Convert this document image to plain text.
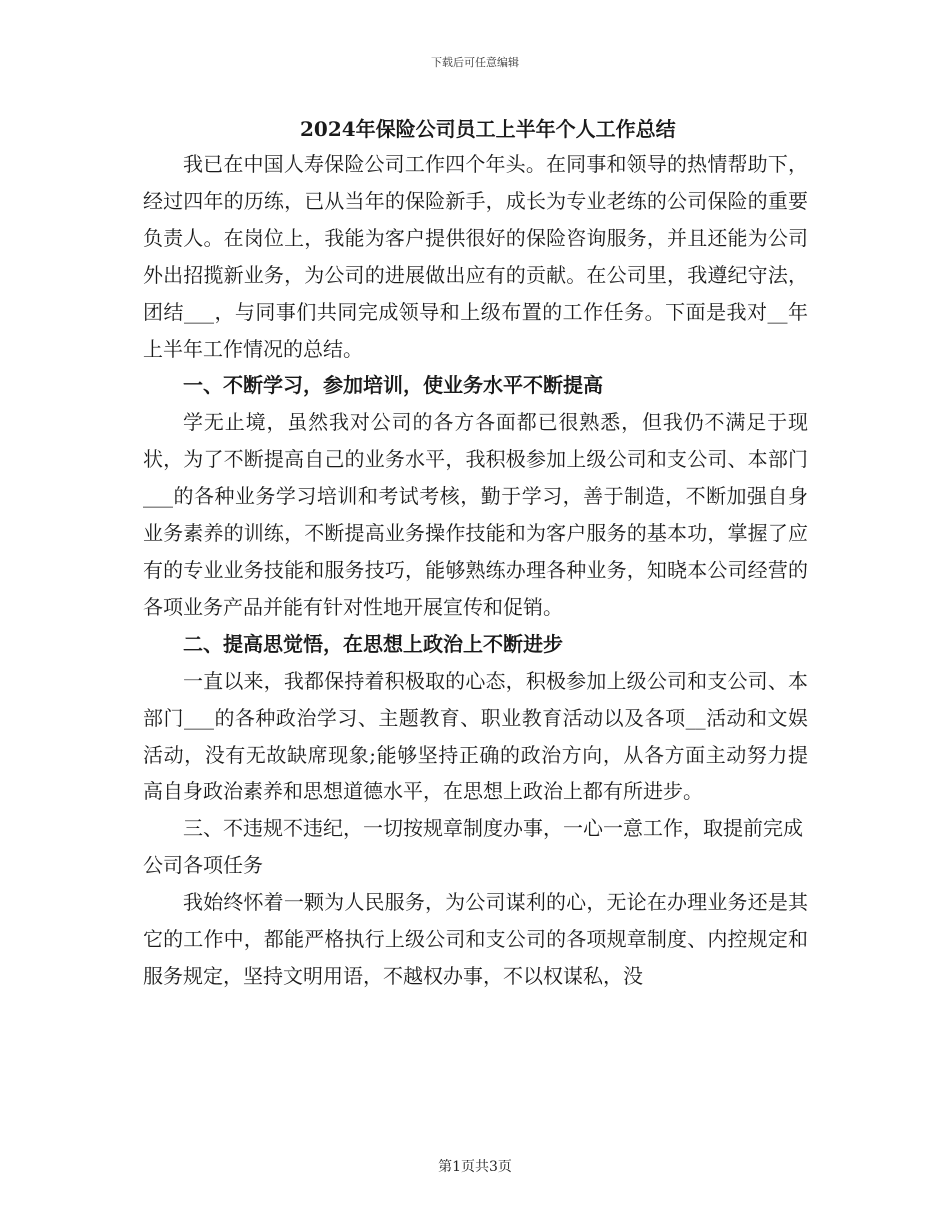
下载后可任意编辑

2024年保险公司员工上半年个人工作总结

我已在中国人寿保险公司工作四个年头。在同事和领导的热情帮助下，经过四年的历练，已从当年的保险新手，成长为专业老练的公司保险的重要负责人。在岗位上，我能为客户提供很好的保险咨询服务，并且还能为公司外出招揽新业务，为公司的进展做出应有的贡献。在公司里，我遵纪守法，团结___，与同事们共同完成领导和上级布置的工作任务。下面是我对__年上半年工作情况的总结。

一、不断学习，参加培训，使业务水平不断提高

学无止境，虽然我对公司的各方各面都已很熟悉，但我仍不满足于现状，为了不断提高自己的业务水平，我积极参加上级公司和支公司、本部门___的各种业务学习培训和考试考核，勤于学习，善于制造，不断加强自身业务素养的训练，不断提高业务操作技能和为客户服务的基本功，掌握了应有的专业业务技能和服务技巧，能够熟练办理各种业务，知晓本公司经营的各项业务产品并能有针对性地开展宣传和促销。

二、提高思觉悟，在思想上政治上不断进步

一直以来，我都保持着积极取的心态，积极参加上级公司和支公司、本部门___的各种政治学习、主题教育、职业教育活动以及各项__活动和文娱活动，没有无故缺席现象;能够坚持正确的政治方向，从各方面主动努力提高自身政治素养和思想道德水平，在思想上政治上都有所进步。

三、不违规不违纪，一切按规章制度办事，一心一意工作，取提前完成公司各项任务

我始终怀着一颗为人民服务，为公司谋利的心，无论在办理业务还是其它的工作中，都能严格执行上级公司和支公司的各项规章制度、内控规定和服务规定，坚持文明用语，不越权办事，不以权谋私，没

第1页共3页
